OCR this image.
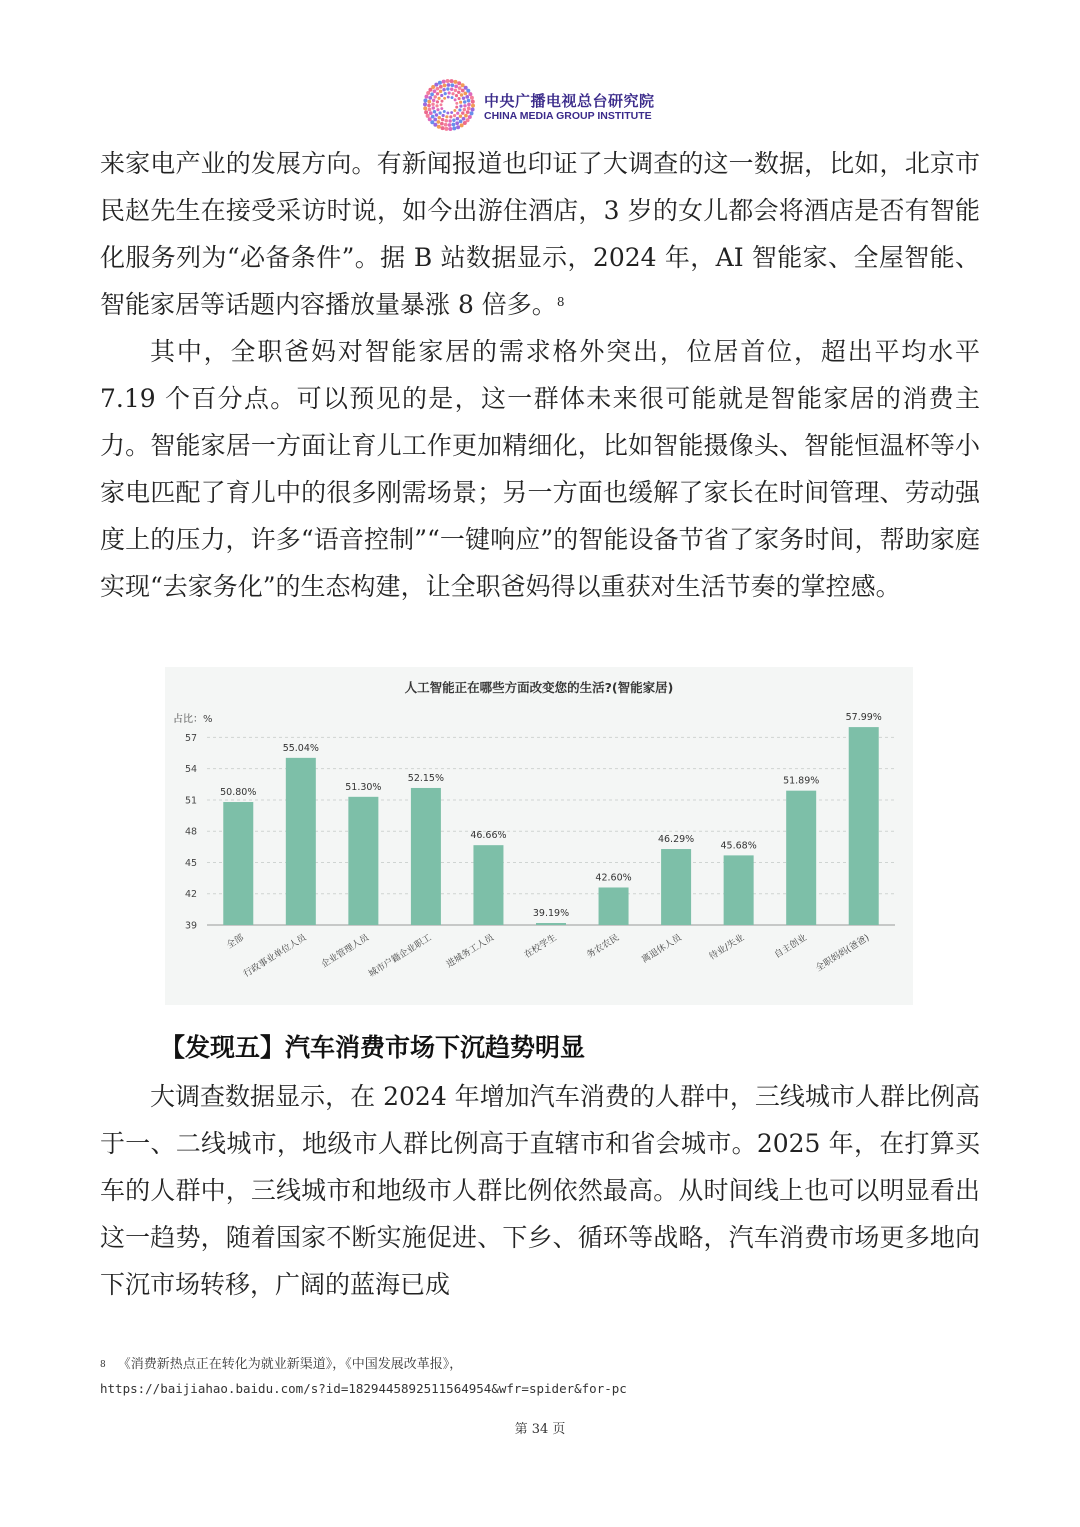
中央广播电视总台研究院
CHINA MEDIA GROUP INSTITUTE

来家电产业的发展方向。有新闻报道也印证了大调查的这一数据，比如，北京市民赵先生在接受采访时说，如今出游住酒店，3 岁的女儿都会将酒店是否有智能化服务列为“必备条件”。据 B 站数据显示，2024 年，AI 智能家、全屋智能、智能家居等话题内容播放量暴涨 8 倍多。$^8$

其中，全职爸妈对智能家居的需求格外突出，位居首位，超出平均水平 7.19 个百分点。可以预见的是，这一群体未来很可能就是智能家居的消费主力。智能家居一方面让育儿工作更加精细化，比如智能摄像头、智能恒温杯等小家电匹配了育儿中的很多刚需场景；另一方面也缓解了家长在时间管理、劳动强度上的压力，许多“语音控制”“一键响应”的智能设备节省了家务时间，帮助家庭实现“去家务化”的生态构建，让全职爸妈得以重获对生活节奏的掌控感。

人工智能正在哪些方面改变您的生活?(智能家居)
占比：%
39
42
45
48
51
54
57
50.80%
55.04%
51.30%
52.15%
46.66%
39.19%
42.60%
46.29%
45.68%
51.89%
57.99%
全部
行政事业单位人员 企业管理人员
城市户籍企业职工 进城务工人员	在校学生	务农农民 离退休人员	待业/失业	自主创业 全职妈妈(爸爸)
【发现五】汽车消费市场下沉趋势明显

大调查数据显示，在 2024 年增加汽车消费的人群中，三线城市人群比例高于一、二线城市，地级市人群比例高于直辖市和省会城市。2025 年，在打算买车的人群中，三线城市和地级市人群比例依然最高。从时间线上也可以明显看出这一趋势，随着国家不断实施促进、下乡、循环等战略，汽车消费市场更多地向下沉市场转移，广阔的蓝海已成

$^8$ 《消费新热点正在转化为就业新渠道》，《中国发展改革报》，
https://baijiahao.baidu.com/s?id=1829445892511564954&wfr=spider&for-pc
第 34 页
